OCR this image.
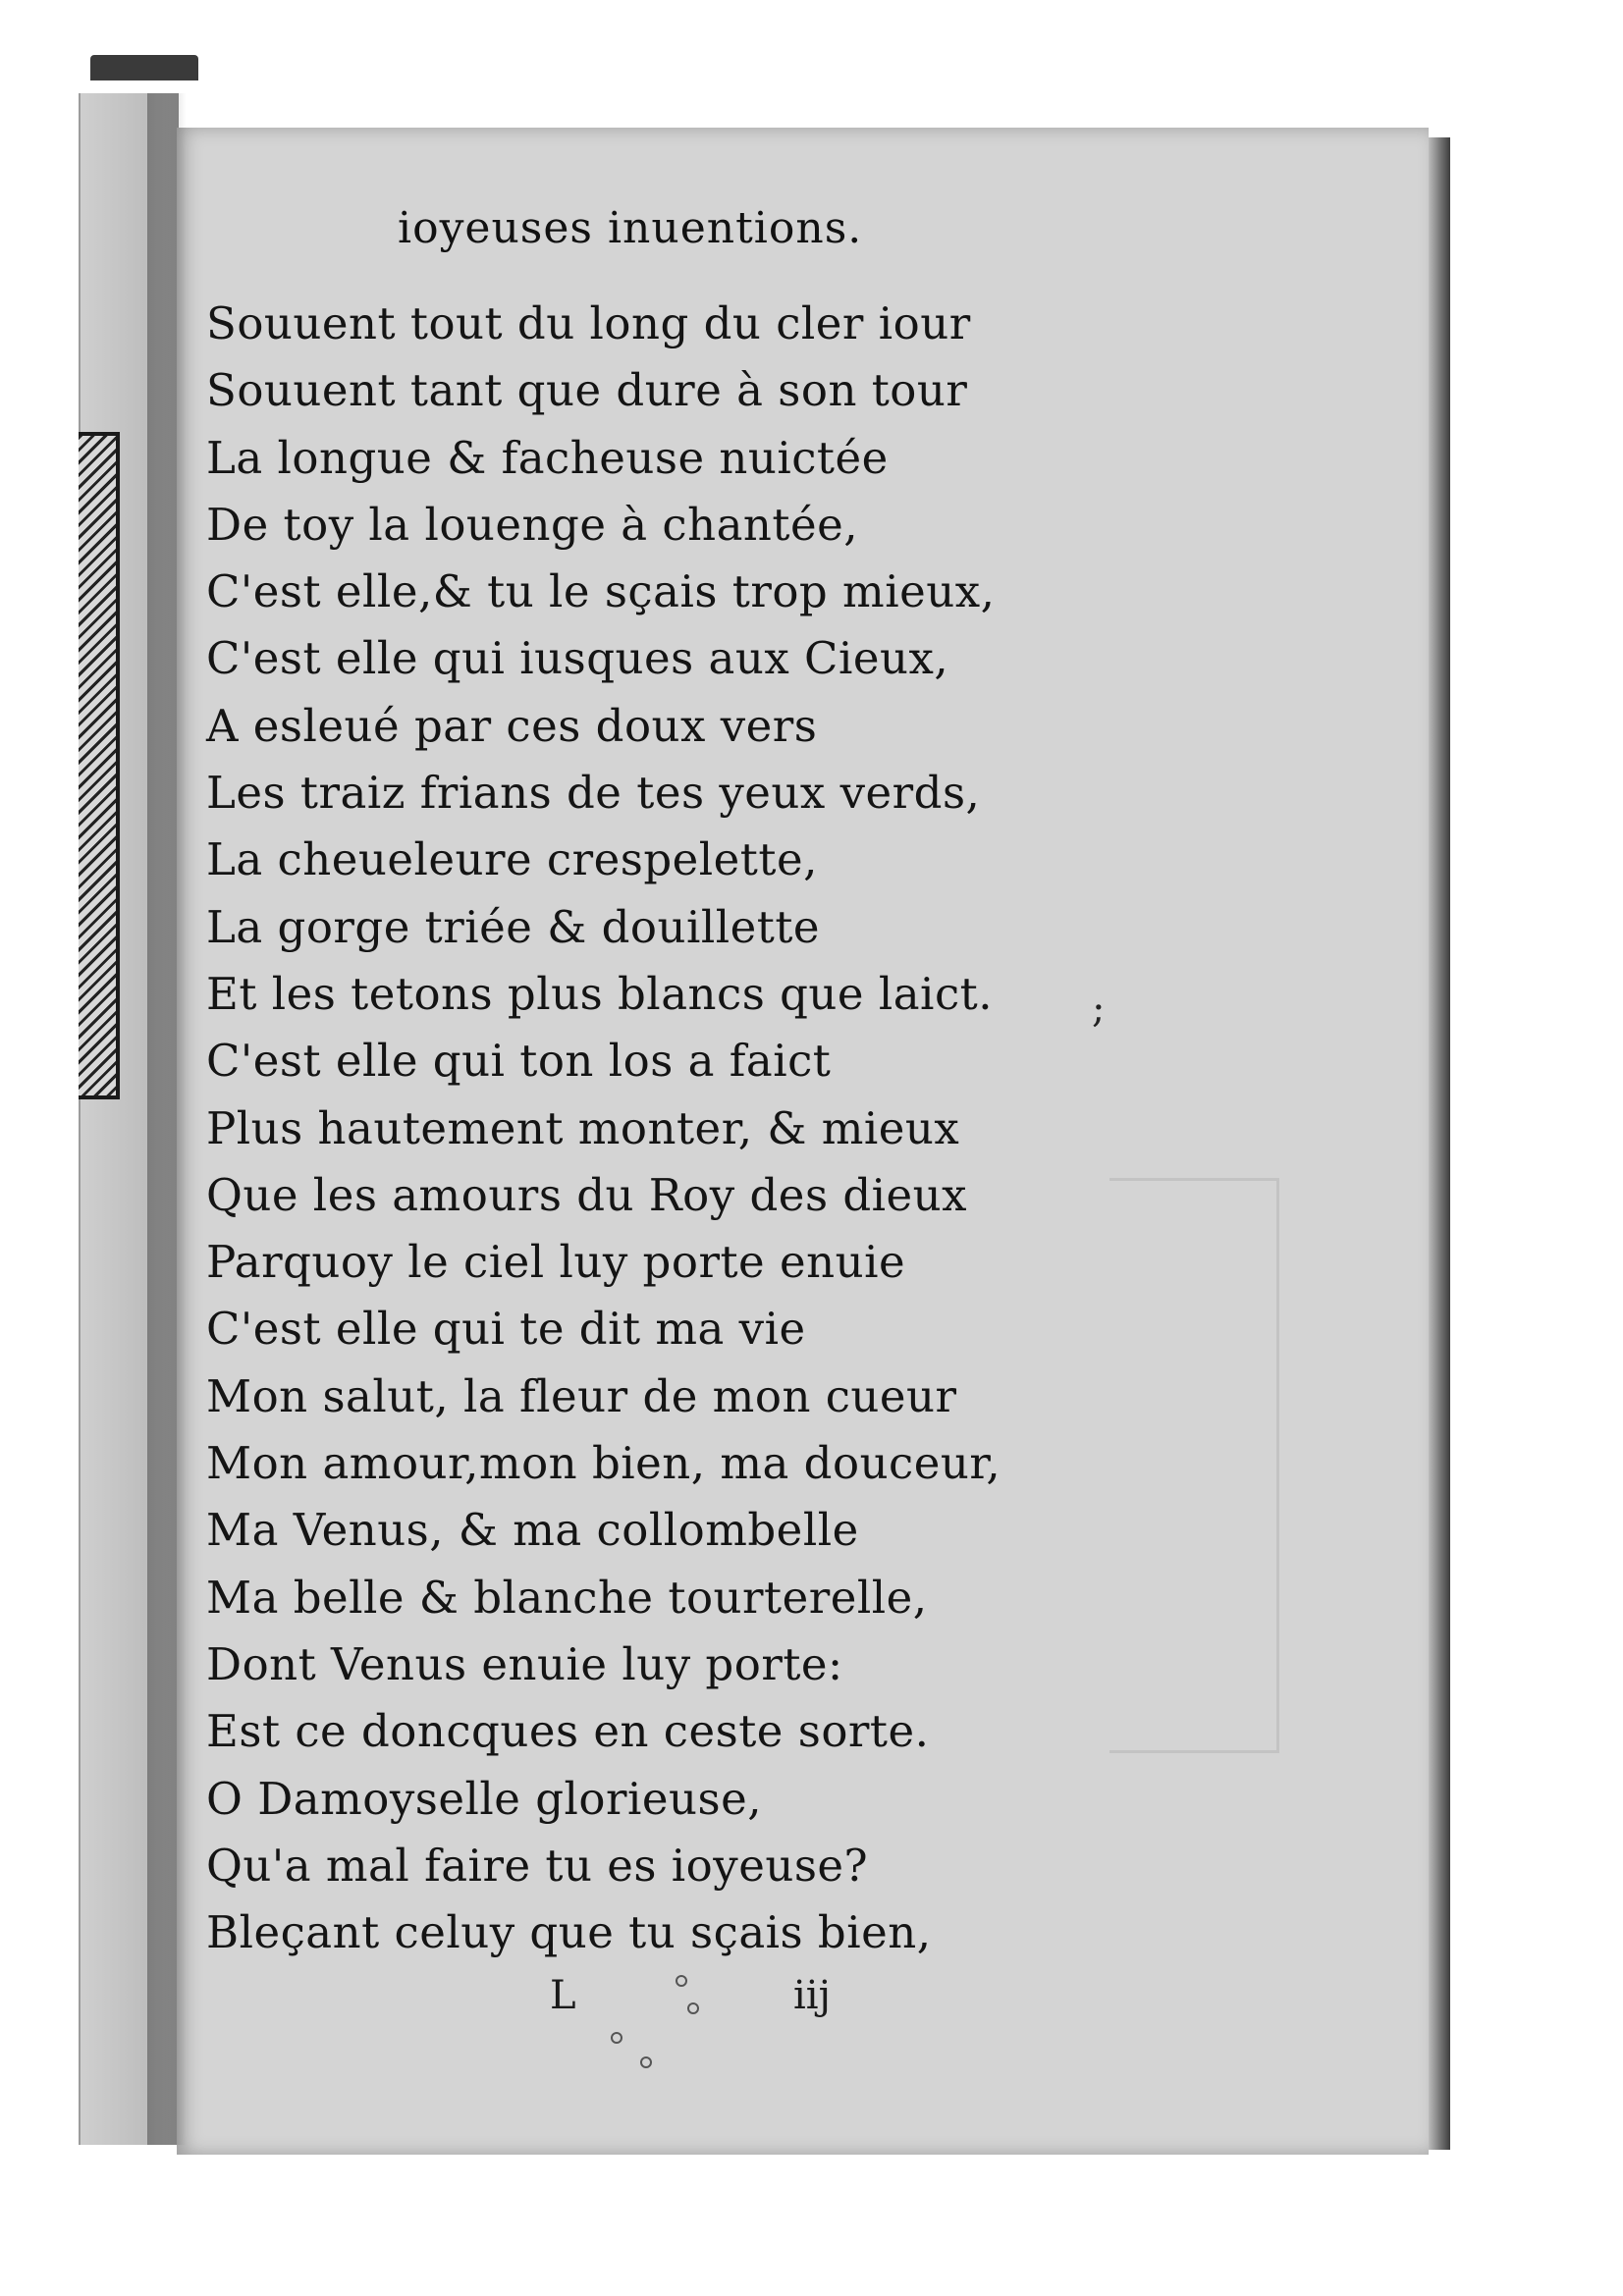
ioyeuses inuentions.
Souuent tout du long du cler iour
Souuent tant que dure à son tour
La longue & facheuse nuictée
De toy la louenge à chantée,
C'est elle,& tu le sçais trop mieux,
C'est elle qui iusques aux Cieux,
A esleué par ces doux vers
Les traiz frians de tes yeux verds,
La cheueleure crespelette,
La gorge triée & douillette
Et les tetons plus blancs que laict.
C'est elle qui ton los a faict
Plus hautement monter, & mieux
Que les amours du Roy des dieux
Parquoy le ciel luy porte enuie
C'est elle qui te dit ma vie
Mon salut, la fleur de mon cueur
Mon amour,mon bien, ma douceur,
Ma Venus, & ma collombelle
Ma belle & blanche tourterelle,
Dont Venus enuie luy porte:
Est ce doncques en ceste sorte.
O Damoyselle glorieuse,
Qu'a mal faire tu es ioyeuse?
Bleçant celuy que tu sçais bien,
;
L	iij
